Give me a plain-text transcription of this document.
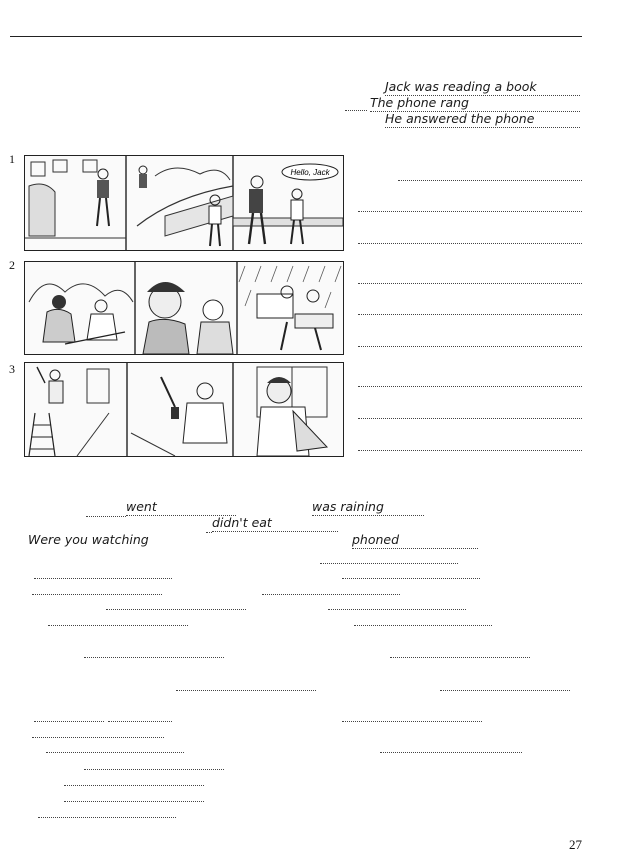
Jack was reading a book
The phone rang
He answered the phone
1
2
3
Hello, Jack
went	was raining
didn't eat
Were you watching	phoned
27
